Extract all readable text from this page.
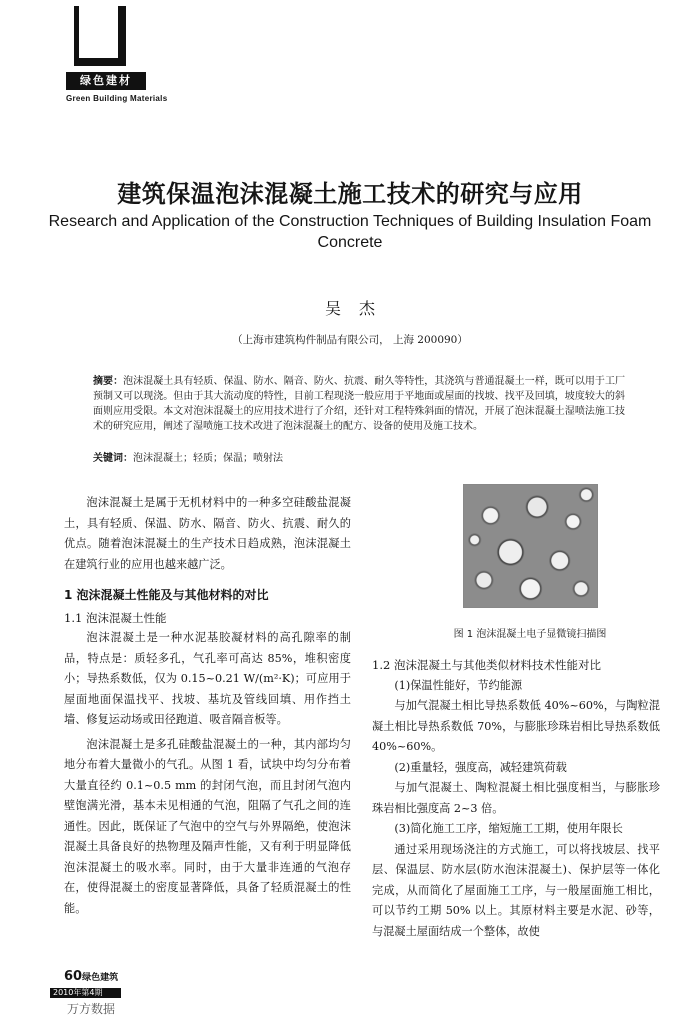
绿色建材
Green Building Materials
建筑保温泡沫混凝土施工技术的研究与应用
Research and Application of the Construction Techniques of Building Insulation Foam Concrete
吴杰
（上海市建筑构件制品有限公司， 上海 200090）
摘要：泡沫混凝土具有轻质、保温、防水、隔音、防火、抗震、耐久等特性，其浇筑与普通混凝土一样，既可以用于工厂预制又可以现浇。但由于其大流动度的特性，目前工程现浇一般应用于平地面或屋面的找坡、找平及回填，坡度较大的斜面则应用受限。本文对泡沫混凝土的应用技术进行了介绍，还针对工程特殊斜面的情况，开展了泡沫混凝土湿喷法施工技术的研究应用，阐述了湿喷施工技术改进了泡沫混凝土的配方、设备的使用及施工技术。
关键词：泡沫混凝土；轻质；保温；喷射法

泡沫混凝土是属于无机材料中的一种多空硅酸盐混凝土，具有轻质、保温、防水、隔音、防火、抗震、耐久的优点。随着泡沫混凝土的生产技术日趋成熟，泡沫混凝土在建筑行业的应用也越来越广泛。

1 泡沫混凝土性能及与其他材料的对比

1.1 泡沫混凝土性能

泡沫混凝土是一种水泥基胶凝材料的高孔隙率的制品，特点是：质轻多孔，气孔率可高达 85%，堆积密度小；导热系数低，仅为 0.15~0.21 W/(m²·K)；可应用于屋面地面保温找平、找坡、基坑及管线回填、用作挡土墙、修复运动场或田径跑道、吸音隔音板等。

泡沫混凝土是多孔硅酸盐混凝土的一种，其内部均匀地分布着大量微小的气孔。从图 1 看，试块中均匀分布着大量直径约 0.1~0.5 mm 的封闭气泡，而且封闭气泡内壁饱满光滑，基本未见相通的气泡，阻隔了气孔之间的连通性。因此，既保证了气泡中的空气与外界隔绝，使泡沫混凝土具备良好的热物理及隔声性能，又有利于明显降低泡沫混凝土的吸水率。同时，由于大量非连通的气泡存在，使得混凝土的密度显著降低，具备了轻质混凝土的性能。

图 1 泡沫混凝土电子显微镜扫描图

1.2 泡沫混凝土与其他类似材料技术性能对比

(1)保温性能好，节约能源

与加气混凝土相比导热系数低 40%~60%，与陶粒混凝土相比导热系数低 70%，与膨胀珍珠岩相比导热系数低 40%~60%。

(2)重量轻，强度高，减轻建筑荷载

与加气混凝土、陶粒混凝土相比强度相当，与膨胀珍珠岩相比强度高 2~3 倍。

(3)简化施工工序，缩短施工工期，使用年限长

通过采用现场浇注的方式施工，可以将找坡层、找平层、保温层、防水层(防水泡沫混凝土)、保护层等一体化完成，从而简化了屋面施工工序，与一般屋面施工相比，可以节约工期 50% 以上。其原材料主要是水泥、砂等，与混凝土屋面结成一个整体，故使

60绿色建筑
2010年第4期
万方数据
